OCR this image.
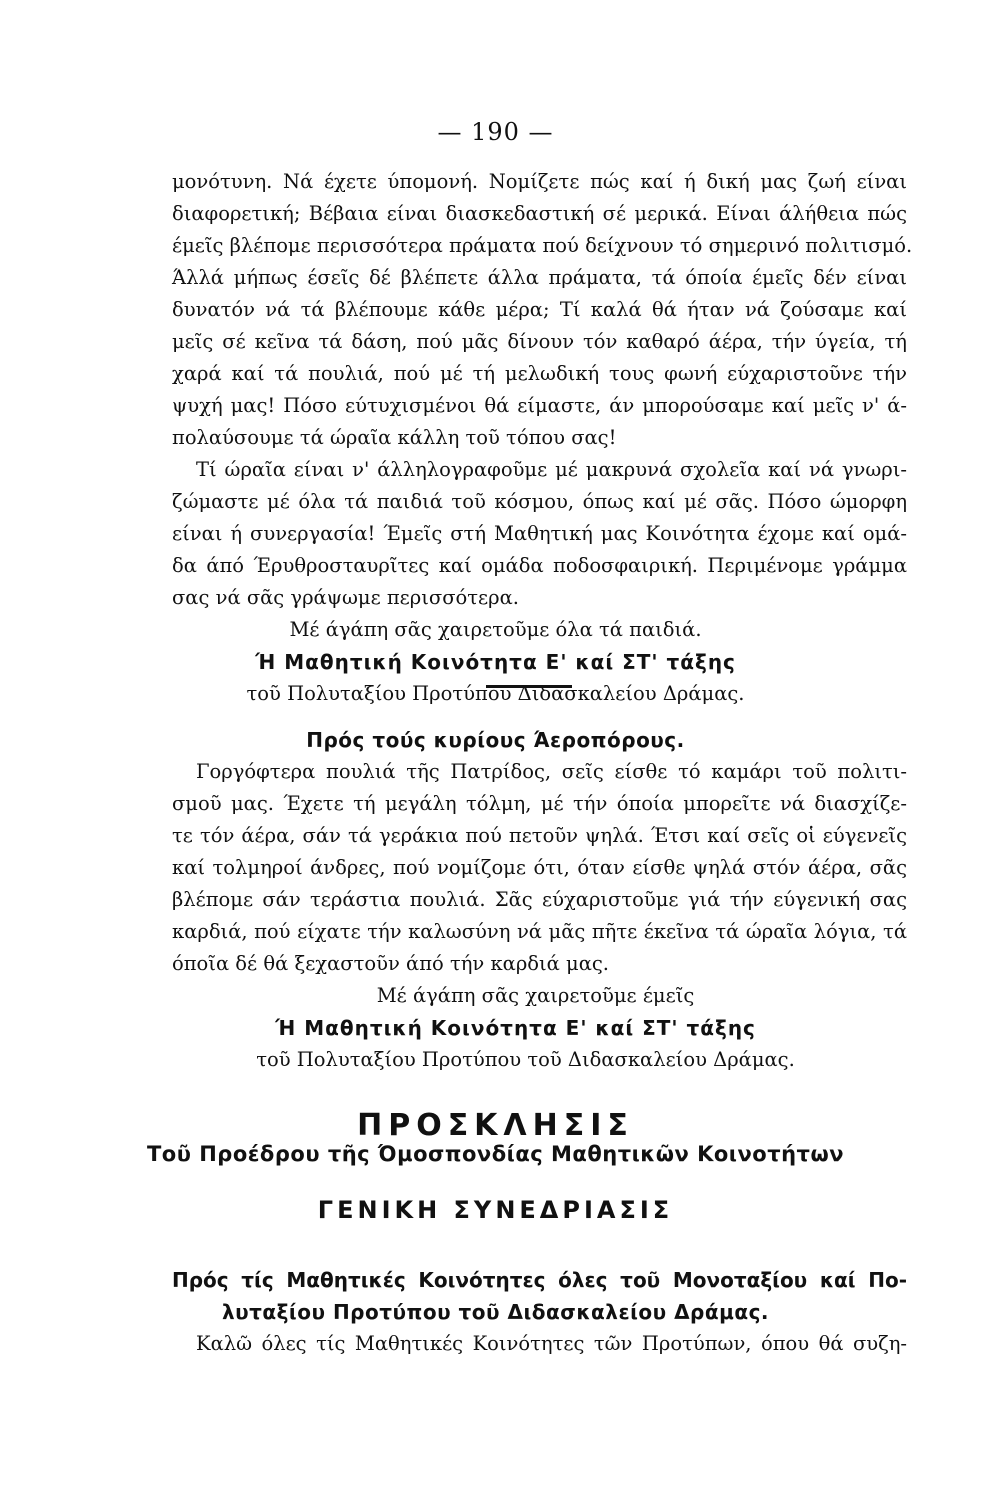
— 190 —
μονότυνη. Νά έχετε ύπομονή. Νομίζετε πώς καί ή δική μας ζωή είναι
διαφορετική; Βέβαια είναι διασκεδαστική σέ μερικά. Είναι άλήθεια πώς
έμεῖς βλέπομε περισσότερα πράματα πού δείχνουν τό σημερινό πολιτισμό.
Άλλά μήπως έσεῖς δέ βλέπετε άλλα πράματα, τά όποία έμεῖς δέν είναι
δυνατόν νά τά βλέπουμε κάθε μέρα; Τί καλά θά ήταν νά ζούσαμε καί
μεῖς σέ κεῖνα τά δάση, πού μᾶς δίνουν τόν καθαρό άέρα, τήν ύγεία, τή
χαρά καί τά πουλιά, πού μέ τή μελωδική τους φωνή εύχαριστοῦνε τήν
ψυχή μας! Πόσο εύτυχισμένοι θά είμαστε, άν μπορούσαμε καί μεῖς ν' ά-
πολαύσουμε τά ώραῖα κάλλη τοῦ τόπου σας!
Τί ώραῖα είναι ν' άλληλογραφοῦμε μέ μακρυνά σχολεῖα καί νά γνωρι-
ζώμαστε μέ όλα τά παιδιά τοῦ κόσμου, όπως καί μέ σᾶς. Πόσο ώμορφη
είναι ή συνεργασία! Έμεῖς στή Μαθητική μας Κοινότητα έχομε καί ομά-
δα άπό Έρυθροσταυρῖτες καί ομάδα ποδοσφαιρική. Περιμένομε γράμμα
σας νά σᾶς γράψωμε περισσότερα.
Μέ άγάπη σᾶς χαιρετοῦμε όλα τά παιδιά.
Ή Μαθητική Κοινότητα Ε' καί ΣΤ' τάξης
τοῦ Πολυταξίου Προτύπου Διδασκαλείου Δράμας.
Πρός τούς κυρίους Άεροπόρους.
Γοργόφτερα πουλιά τῆς Πατρίδος, σεῖς είσθε τό καμάρι τοῦ πολιτι-
σμοῦ μας. Έχετε τή μεγάλη τόλμη, μέ τήν όποία μπορεῖτε νά διασχίζε-
τε τόν άέρα, σάν τά γεράκια πού πετοῦν ψηλά. Έτσι καί σεῖς οἱ εύγενεῖς
καί τολμηροί άνδρες, πού νομίζομε ότι, όταν είσθε ψηλά στόν άέρα, σᾶς
βλέπομε σάν τεράστια πουλιά. Σᾶς εύχαριστοῦμε γιά τήν εύγενική σας
καρδιά, πού είχατε τήν καλωσύνη νά μᾶς πῆτε έκεῖνα τά ώραῖα λόγια, τά
όποῖα δέ θά ξεχαστοῦν άπό τήν καρδιά μας.
Μέ άγάπη σᾶς χαιρετοῦμε έμεῖς
Ή Μαθητική Κοινότητα Ε' καί ΣΤ' τάξης
τοῦ Πολυταξίου Προτύπου τοῦ Διδασκαλείου Δράμας.
ΠΡΟΣΚΛΗΣΙΣ
Τοῦ Προέδρου τῆς Όμοσπονδίας Μαθητικῶν Κοινοτήτων
ΓΕΝΙΚΗ ΣΥΝΕΔΡΙΑΣΙΣ
Πρός τίς Μαθητικές Κοινότητες όλες τοῦ Μονοταξίου καί Πο-
λυταξίου Προτύπου τοῦ Διδασκαλείου Δράμας.
Καλῶ όλες τίς Μαθητικές Κοινότητες τῶν Προτύπων, όπου θά συζη-
